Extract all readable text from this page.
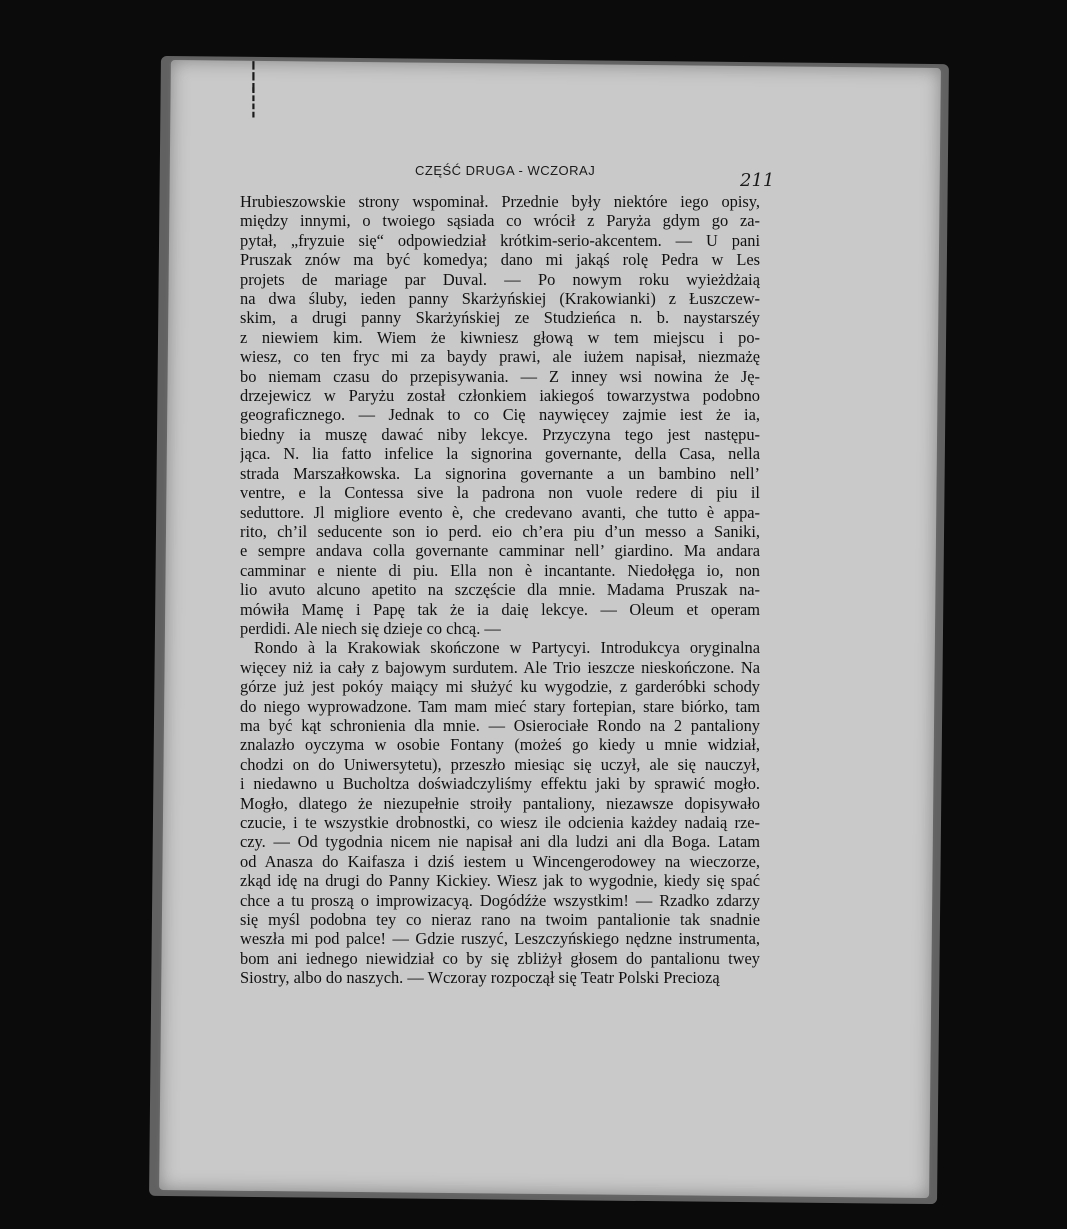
┆
┊
CZĘŚĆ DRUGA - WCZORAJ	211
Hrubieszowskie strony wspominał. Przednie były niektóre iego opisy,
między innymi, o twoiego sąsiada co wrócił z Paryża gdym go za-
pytał, „fryzuie się“ odpowiedział krótkim-serio-akcentem. — U pani
Pruszak znów ma być komedya; dano mi jakąś rolę Pedra w Les
projets de mariage par Duval. — Po nowym roku wyieżdżaią
na dwa śluby, ieden panny Skarżyńskiej (Krakowianki) z Łuszczew-
skim, a drugi panny Skarżyńskiej ze Studzieńca n. b. naystarszéy
z niewiem kim. Wiem że kiwniesz głową w tem miejscu i po-
wiesz, co ten fryc mi za baydy prawi, ale iużem napisał, niezmażę
bo niemam czasu do przepisywania. — Z inney wsi nowina że Ję-
drzejewicz w Paryżu został członkiem iakiegoś towarzystwa podobno
geograficznego. — Jednak to co Cię naywięcey zajmie iest że ia,
biedny ia muszę dawać niby lekcye. Przyczyna tego jest następu-
jąca. N. lia fatto infelice la signorina governante, della Casa, nella
strada Marszałkowska. La signorina governante a un bambino nell’
ventre, e la Contessa sive la padrona non vuole redere di piu il
seduttore. Jl migliore evento è, che credevano avanti, che tutto è appa-
rito, ch’il seducente son io perd. eio ch’era piu d’un messo a Saniki,
e sempre andava colla governante camminar nell’ giardino. Ma andara
camminar e niente di piu. Ella non è incantante. Niedołęga io, non
lio avuto alcuno apetito na szczęście dla mnie. Madama Pruszak na-
mówiła Mamę i Papę tak że ia daię lekcye. — Oleum et operam
perdidi. Ale niech się dzieje co chcą. —
Rondo à la Krakowiak skończone w Partycyi. Introdukcya oryginalna
więcey niż ia cały z bajowym surdutem. Ale Trio ieszcze nieskończone. Na
górze już jest pokóy maiący mi służyć ku wygodzie, z garderóbki schody
do niego wyprowadzone. Tam mam mieć stary fortepian, stare biórko, tam
ma być kąt schronienia dla mnie. — Osierociałe Rondo na 2 pantaliony
znalazło oyczyma w osobie Fontany (możeś go kiedy u mnie widział,
chodzi on do Uniwersytetu), przeszło miesiąc się uczył, ale się nauczył,
i niedawno u Bucholtza doświadczyliśmy effektu jaki by sprawić mogło.
Mogło, dlatego że niezupełnie stroiły pantaliony, niezawsze dopisywało
czucie, i te wszystkie drobnostki, co wiesz ile odcienia każdey nadaią rze-
czy. — Od tygodnia nicem nie napisał ani dla ludzi ani dla Boga. Latam
od Anasza do Kaifasza i dziś iestem u Wincengerodowey na wieczorze,
zkąd idę na drugi do Panny Kickiey. Wiesz jak to wygodnie, kiedy się spać
chce a tu proszą o improwizacyą. Dogódźże wszystkim! — Rzadko zdarzy
się myśl podobna tey co nieraz rano na twoim pantalionie tak snadnie
weszła mi pod palce! — Gdzie ruszyć, Leszczyńskiego nędzne instrumenta,
bom ani iednego niewidział co by się zbliżył głosem do pantalionu twey
Siostry, albo do naszych. — Wczoray rozpoczął się Teatr Polski Preciozą
